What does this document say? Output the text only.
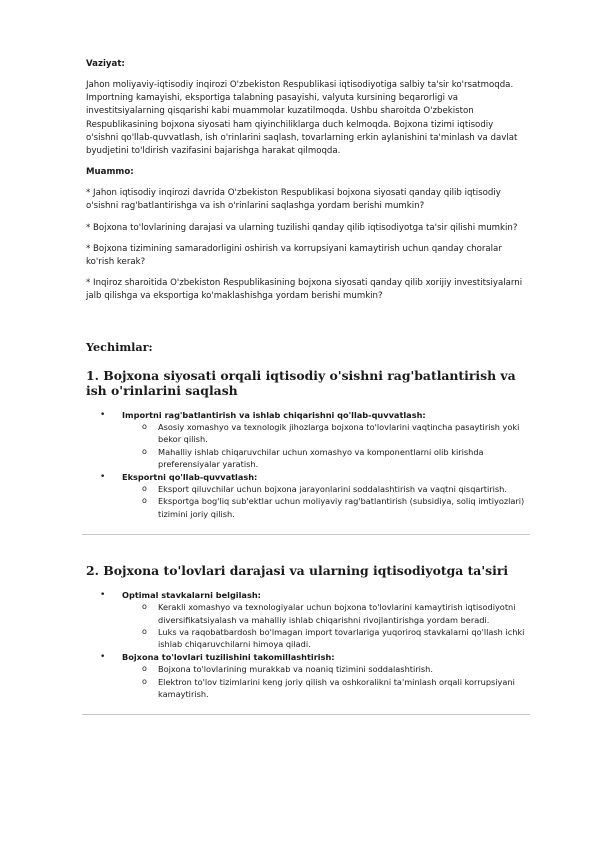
Vaziyat:

Jahon moliyaviy-iqtisodiy inqirozi O'zbekiston Respublikasi iqtisodiyotiga salbiy ta'sir ko'rsatmoqda. Importning kamayishi, eksportiga talabning pasayishi, valyuta kursining beqarorligi va investitsiyalarning qisqarishi kabi muammolar kuzatilmoqda. Ushbu sharoitda O'zbekiston Respublikasining bojxona siyosati ham qiyinchiliklarga duch kelmoqda. Bojxona tizimi iqtisodiy o'sishni qo'llab-quvvatlash, ish o'rinlarini saqlash, tovarlarning erkin aylanishini ta'minlash va davlat byudjetini to'ldirish vazifasini bajarishga harakat qilmoqda.

Muammo:

* Jahon iqtisodiy inqirozi davrida O'zbekiston Respublikasi bojxona siyosati qanday qilib iqtisodiy o'sishni rag'batlantirishga va ish o'rinlarini saqlashga yordam berishi mumkin?

* Bojxona to'lovlarining darajasi va ularning tuzilishi qanday qilib iqtisodiyotga ta'sir qilishi mumkin?

* Bojxona tizimining samaradorligini oshirish va korrupsiyani kamaytirish uchun qanday choralar ko'rish kerak?

* Inqiroz sharoitida O'zbekiston Respublikasining bojxona siyosati qanday qilib xorijiy investitsiyalarni jalb qilishga va eksportiga ko'maklashishga yordam berishi mumkin?

Yechimlar:
1. Bojxona siyosati orqali iqtisodiy o'sishni rag'batlantirish va ish o'rinlarini saqlash
• Importni rag'batlantirish va ishlab chiqarishni qo'llab-quvvatlash:
o Asosiy xomashyo va texnologik jihozlarga bojxona to'lovlarini vaqtincha pasaytirish yoki bekor qilish.
o Mahalliy ishlab chiqaruvchilar uchun xomashyo va komponentlarni olib kirishda preferensiyalar yaratish.
• Eksportni qo'llab-quvvatlash:
o Eksport qiluvchilar uchun bojxona jarayonlarini soddalashtirish va vaqtni qisqartirish.
o Eksportga bog'liq sub'ektlar uchun moliyaviy rag'batlantirish (subsidiya, soliq imtiyozlari) tizimini joriy qilish.
2. Bojxona to'lovlari darajasi va ularning iqtisodiyotga ta'siri
• Optimal stavkalarni belgilash:
o Kerakli xomashyo va texnologiyalar uchun bojxona to'lovlarini kamaytirish iqtisodiyotni diversifikatsiyalash va mahalliy ishlab chiqarishni rivojlantirishga yordam beradi.
o Luks va raqobatbardosh bo'lmagan import tovarlariga yuqoriroq stavkalarni qo'llash ichki ishlab chiqaruvchilarni himoya qiladi.
• Bojxona to'lovlari tuzilishini takomillashtirish:
o Bojxona to'lovlarining murakkab va noaniq tizimini soddalashtirish.
o Elektron to'lov tizimlarini keng joriy qilish va oshkoralikni ta'minlash orqali korrupsiyani kamaytirish.
